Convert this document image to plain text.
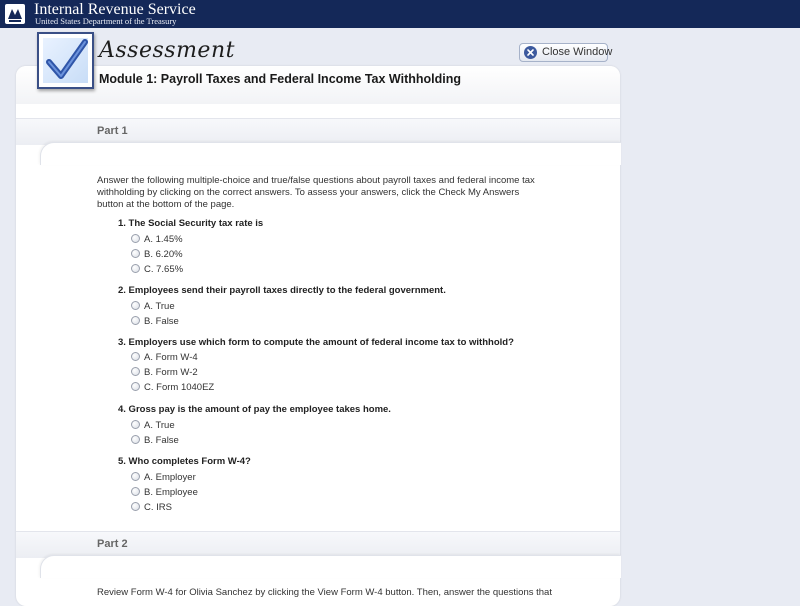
Internal Revenue Service
United States Department of the Treasury
Assessment	Close Window
Module 1: Payroll Taxes and Federal Income Tax Withholding
Part 1
Answer the following multiple-choice and true/false questions about payroll taxes and federal income tax withholding by clicking on the correct answers. To assess your answers, click the Check My Answers button at the bottom of the page.
1. The Social Security tax rate is
A. 1.45%
B. 6.20%
C. 7.65%
2. Employees send their payroll taxes directly to the federal government.
A. True
B. False
3. Employers use which form to compute the amount of federal income tax to withhold?
A. Form W-4
B. Form W-2
C. Form 1040EZ
4. Gross pay is the amount of pay the employee takes home.
A. True
B. False
5. Who completes Form W-4?
A. Employer
B. Employee
C. IRS
Part 2
Review Form W-4 for Olivia Sanchez by clicking the View Form W-4 button. Then, answer the questions that
